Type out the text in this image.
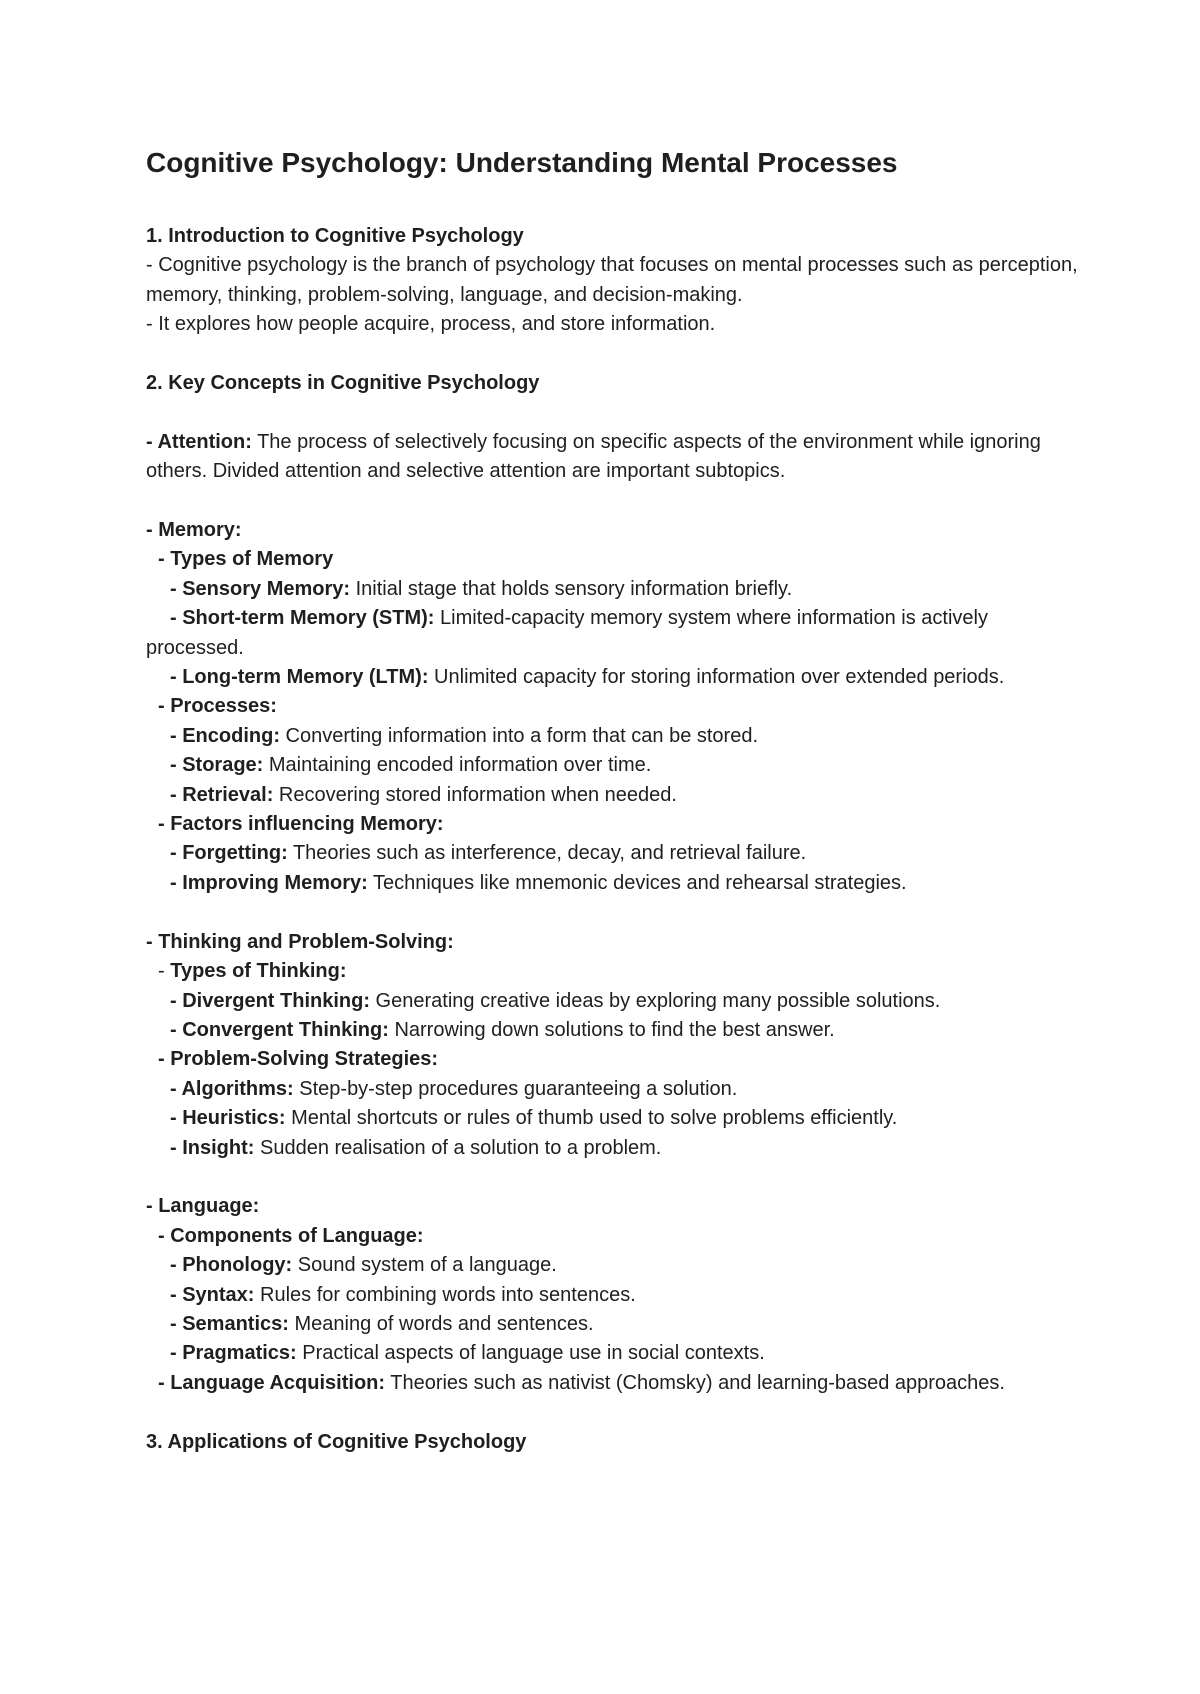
Cognitive Psychology: Understanding Mental Processes

1. Introduction to Cognitive Psychology

- Cognitive psychology is the branch of psychology that focuses on mental processes such as perception, memory, thinking, problem-solving, language, and decision-making.

- It explores how people acquire, process, and store information.

2. Key Concepts in Cognitive Psychology

- Attention: The process of selectively focusing on specific aspects of the environment while ignoring others. Divided attention and selective attention are important subtopics.

- Memory:

- Types of Memory

- Sensory Memory: Initial stage that holds sensory information briefly.

- Short-term Memory (STM): Limited-capacity memory system where information is actively processed.

- Long-term Memory (LTM): Unlimited capacity for storing information over extended periods.

- Processes:

- Encoding: Converting information into a form that can be stored.

- Storage: Maintaining encoded information over time.

- Retrieval: Recovering stored information when needed.

- Factors influencing Memory:

- Forgetting: Theories such as interference, decay, and retrieval failure.

- Improving Memory: Techniques like mnemonic devices and rehearsal strategies.

- Thinking and Problem-Solving:

- Types of Thinking:

- Divergent Thinking: Generating creative ideas by exploring many possible solutions.

- Convergent Thinking: Narrowing down solutions to find the best answer.

- Problem-Solving Strategies:

- Algorithms: Step-by-step procedures guaranteeing a solution.

- Heuristics: Mental shortcuts or rules of thumb used to solve problems efficiently.

- Insight: Sudden realisation of a solution to a problem.

- Language:

- Components of Language:

- Phonology: Sound system of a language.

- Syntax: Rules for combining words into sentences.

- Semantics: Meaning of words and sentences.

- Pragmatics: Practical aspects of language use in social contexts.

- Language Acquisition: Theories such as nativist (Chomsky) and learning-based approaches.

3. Applications of Cognitive Psychology
